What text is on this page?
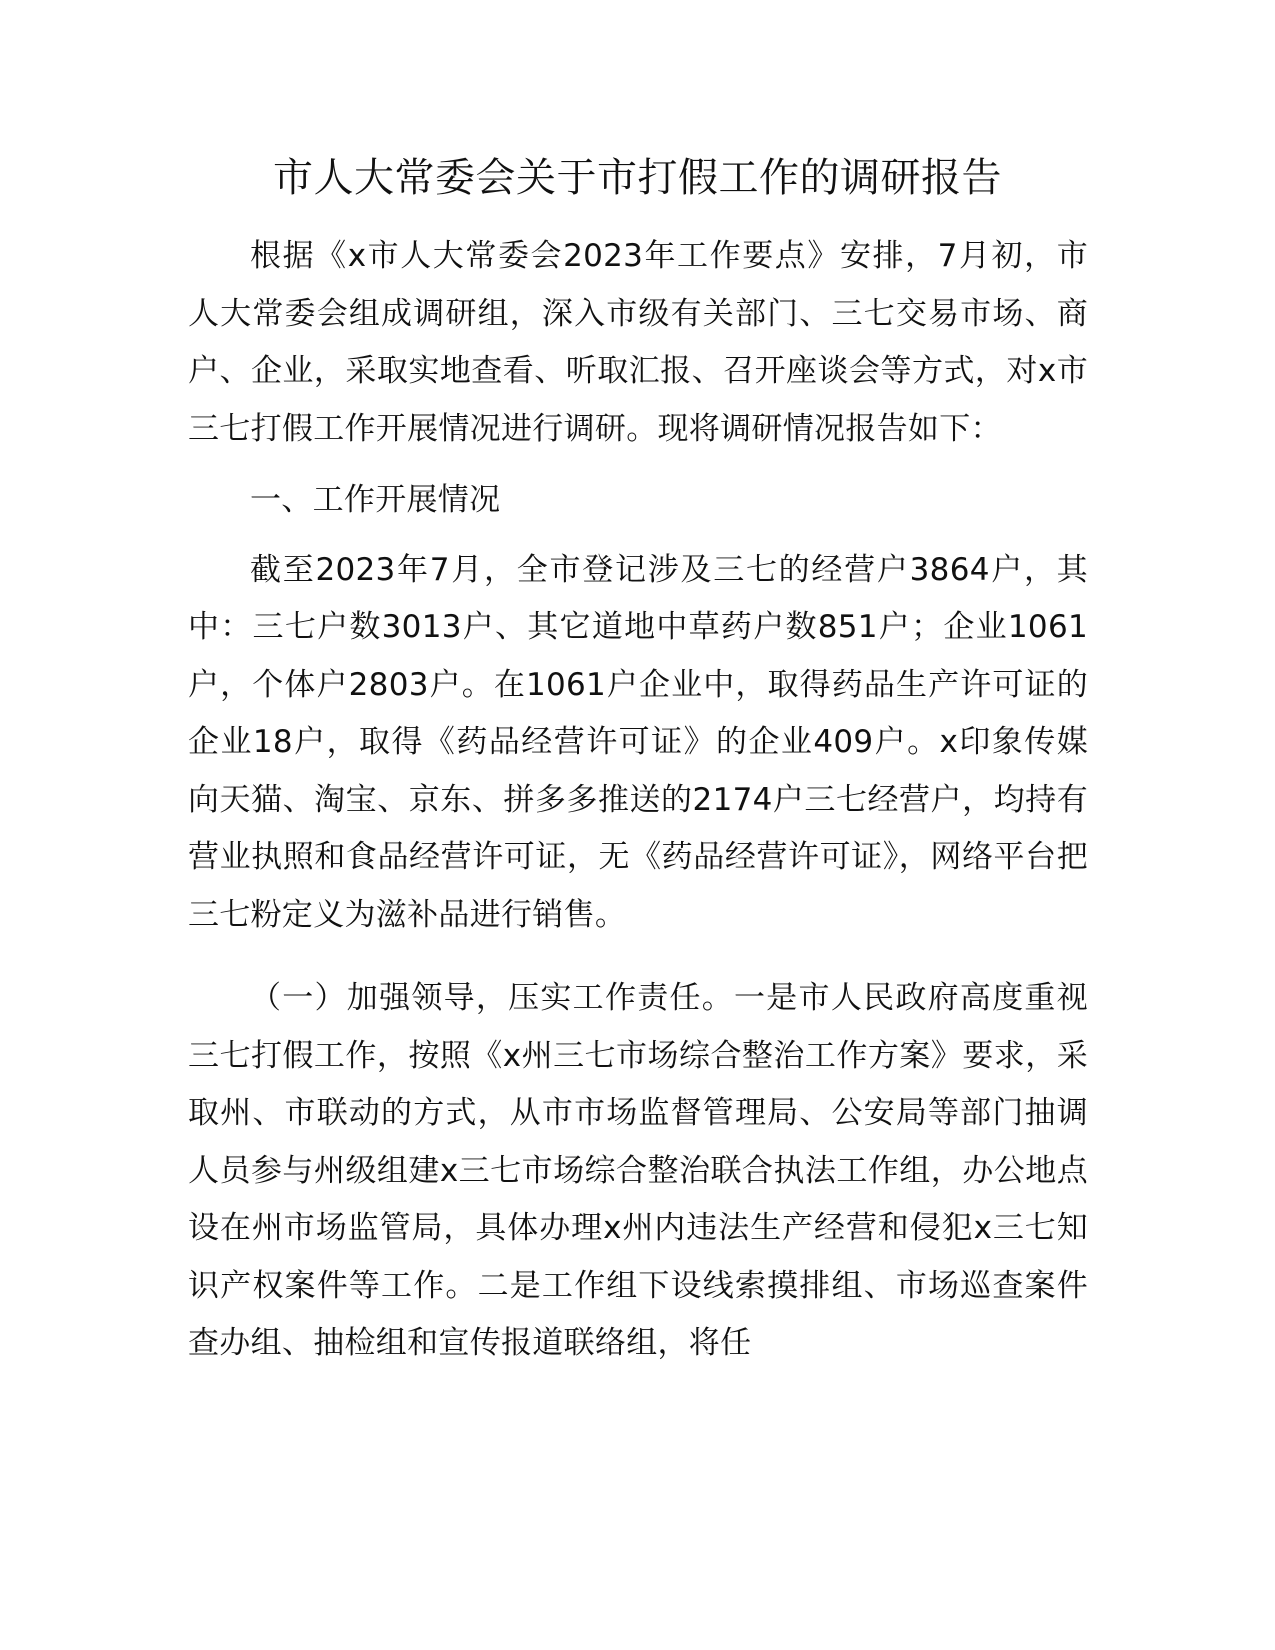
市人大常委会关于市打假工作的调研报告

根据《x市人大常委会2023年工作要点》安排，7月初，市人大常委会组成调研组，深入市级有关部门、三七交易市场、商户、企业，采取实地查看、听取汇报、召开座谈会等方式，对x市三七打假工作开展情况进行调研。现将调研情况报告如下：

一、工作开展情况

截至2023年7月，全市登记涉及三七的经营户3864户，其中：三七户数3013户、其它道地中草药户数851户；企业1061户，个体户2803户。在1061户企业中，取得药品生产许可证的企业18户，取得《药品经营许可证》的企业409户。x印象传媒向天猫、淘宝、京东、拼多多推送的2174户三七经营户，均持有营业执照和食品经营许可证，无《药品经营许可证》，网络平台把三七粉定义为滋补品进行销售。

（一）加强领导，压实工作责任。一是市人民政府高度重视三七打假工作，按照《x州三七市场综合整治工作方案》要求，采取州、市联动的方式，从市市场监督管理局、公安局等部门抽调人员参与州级组建x三七市场综合整治联合执法工作组，办公地点设在州市场监管局，具体办理x州内违法生产经营和侵犯x三七知识产权案件等工作。二是工作组下设线索摸排组、市场巡查案件查办组、抽检组和宣传报道联络组，将任
